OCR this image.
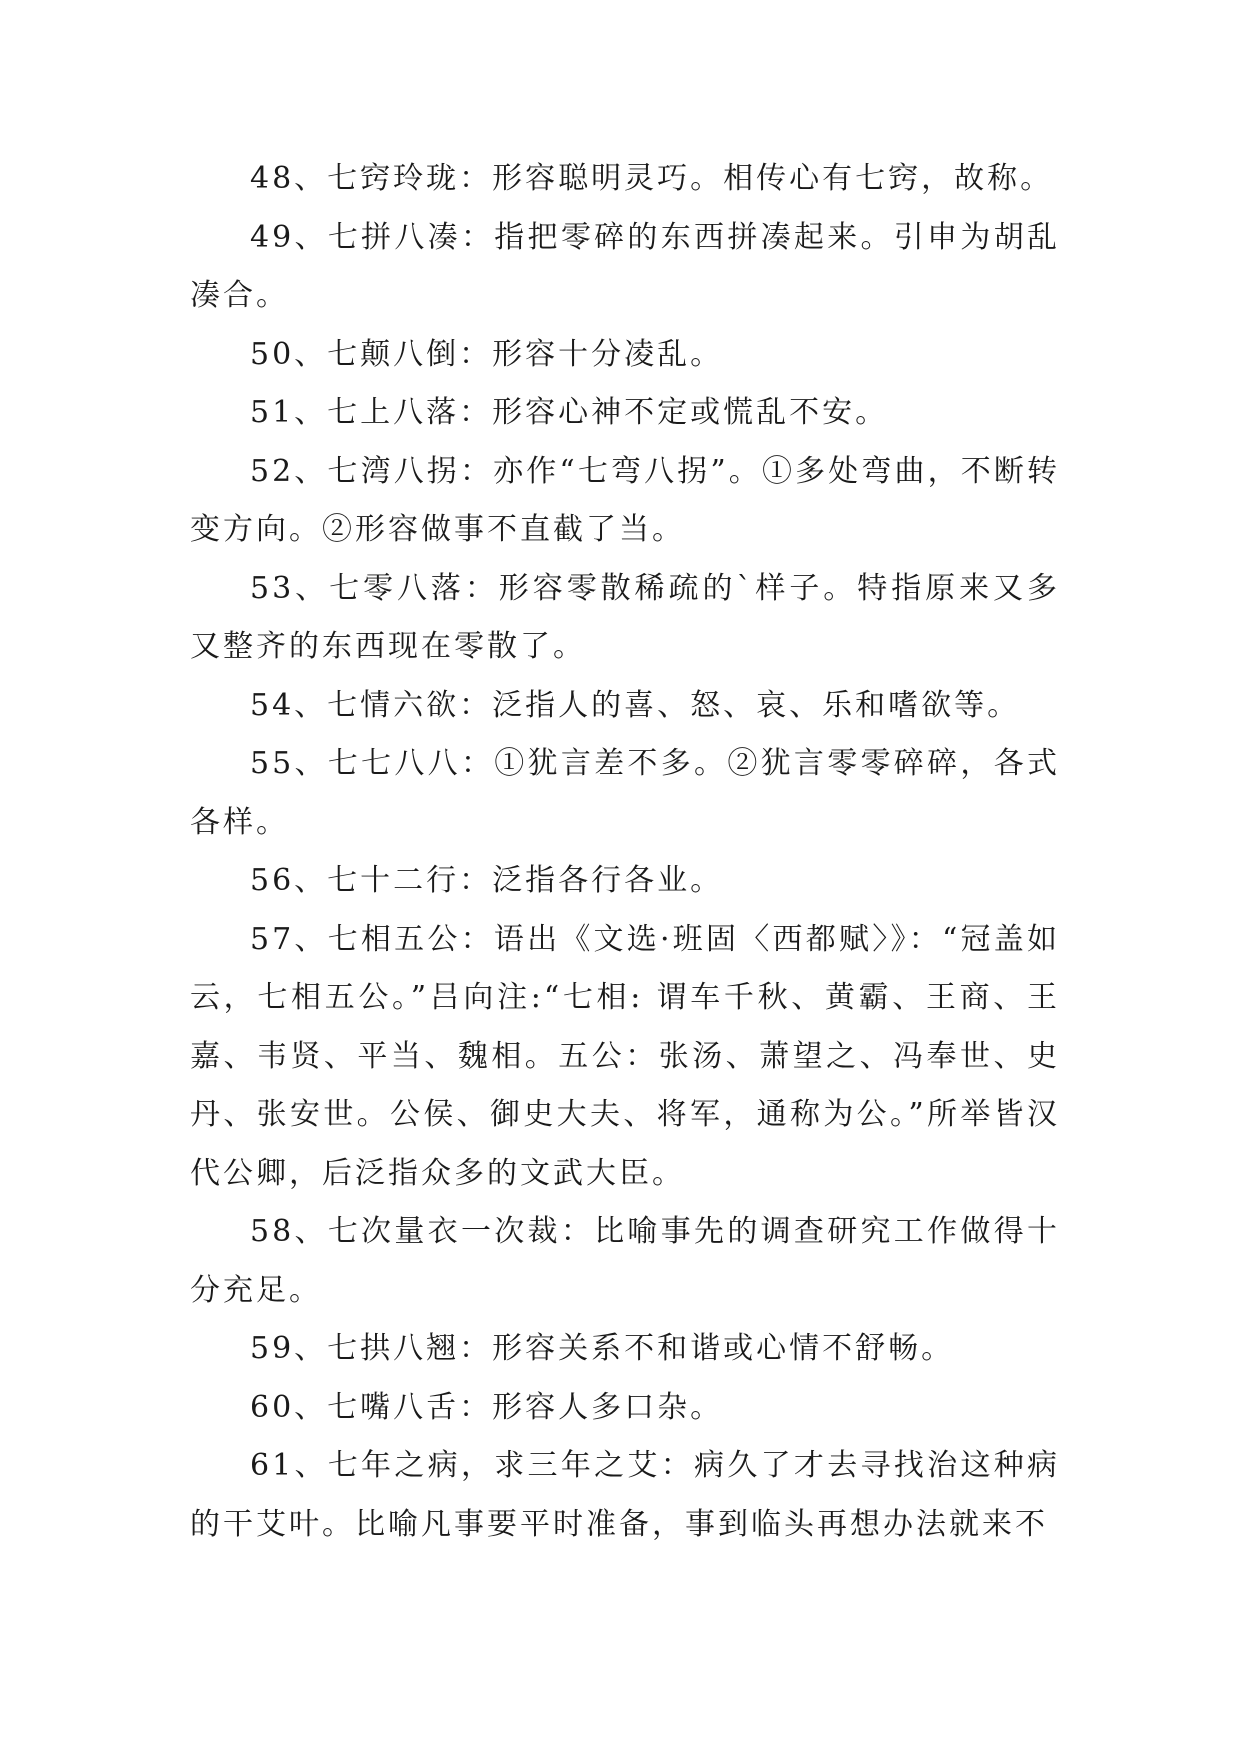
48、七窍玲珑：形容聪明灵巧。相传心有七窍，故称。

49、七拼八凑：指把零碎的东西拼凑起来。引申为胡乱凑合。

50、七颠八倒：形容十分凌乱。

51、七上八落：形容心神不定或慌乱不安。

52、七湾八拐：亦作“七弯八拐”。①多处弯曲，不断转变方向。②形容做事不直截了当。

53、七零八落：形容零散稀疏的`样子。特指原来又多又整齐的东西现在零散了。

54、七情六欲：泛指人的喜、怒、哀、乐和嗜欲等。

55、七七八八：①犹言差不多。②犹言零零碎碎，各式各样。

56、七十二行：泛指各行各业。

57、七相五公：语出《文选·班固〈西都赋〉》：“冠盖如云，七相五公。”吕向注:“七相: 谓车千秋、黄霸、王商、王嘉、韦贤、平当、魏相。五公：张汤、萧望之、冯奉世、史丹、张安世。公侯、御史大夫、将军，通称为公。”所举皆汉代公卿，后泛指众多的文武大臣。

58、七次量衣一次裁：比喻事先的调查研究工作做得十分充足。

59、七拱八翘：形容关系不和谐或心情不舒畅。

60、七嘴八舌：形容人多口杂。

61、七年之病，求三年之艾：病久了才去寻找治这种病的干艾叶。比喻凡事要平时准备，事到临头再想办法就来不
